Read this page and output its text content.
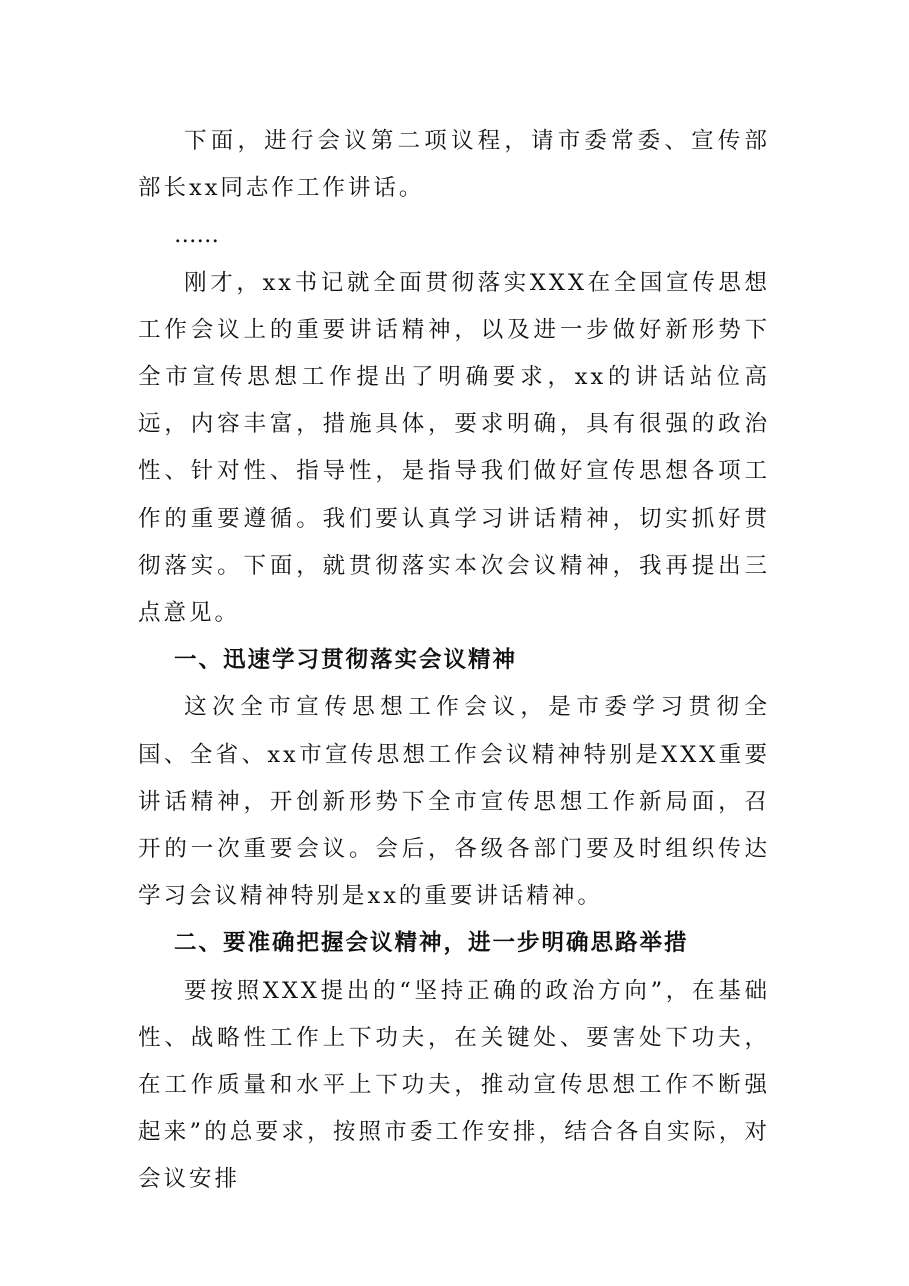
下面，进行会议第二项议程，请市委常委、宣传部部长xx同志作工作讲话。

……

刚才，xx书记就全面贯彻落实XXX在全国宣传思想工作会议上的重要讲话精神，以及进一步做好新形势下全市宣传思想工作提出了明确要求，xx的讲话站位高远，内容丰富，措施具体，要求明确，具有很强的政治性、针对性、指导性，是指导我们做好宣传思想各项工作的重要遵循。我们要认真学习讲话精神，切实抓好贯彻落实。下面，就贯彻落实本次会议精神，我再提出三点意见。

一、迅速学习贯彻落实会议精神

这次全市宣传思想工作会议，是市委学习贯彻全国、全省、xx市宣传思想工作会议精神特别是XXX重要讲话精神，开创新形势下全市宣传思想工作新局面，召开的一次重要会议。会后，各级各部门要及时组织传达学习会议精神特别是xx的重要讲话精神。

二、要准确把握会议精神，进一步明确思路举措

要按照XXX提出的“坚持正确的政治方向”，在基础性、战略性工作上下功夫，在关键处、要害处下功夫，在工作质量和水平上下功夫，推动宣传思想工作不断强起来”的总要求，按照市委工作安排，结合各自实际，对会议安排
